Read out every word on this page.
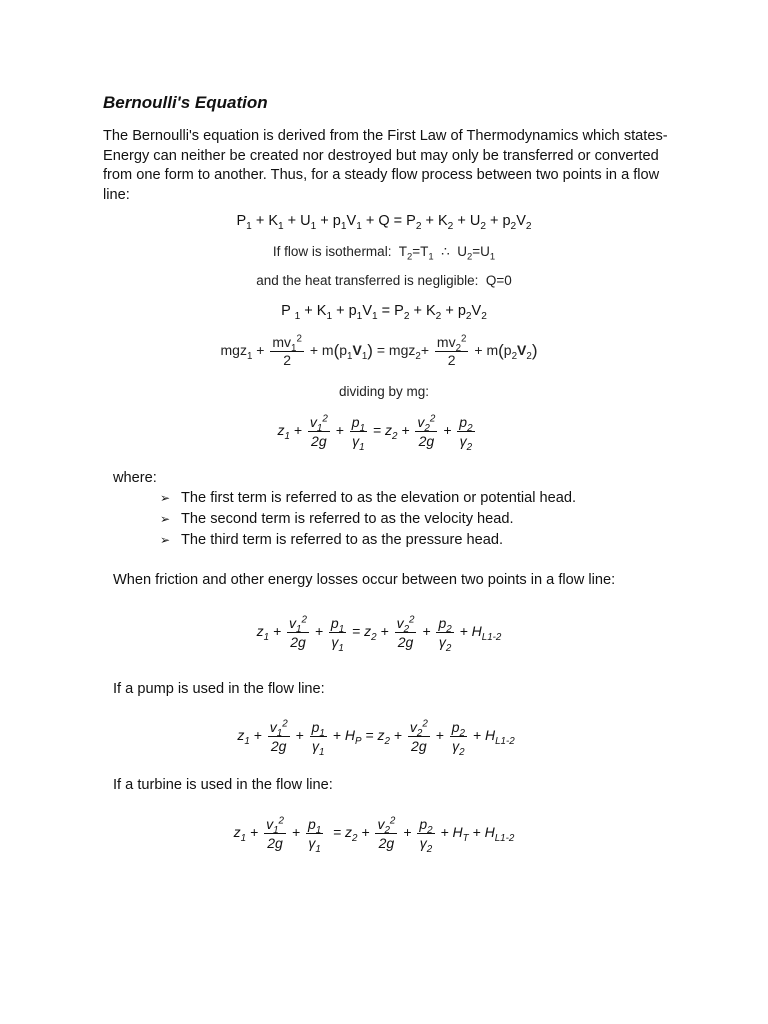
Bernoulli's Equation
The Bernoulli's equation is derived from the First Law of Thermodynamics which states- Energy can neither be created nor destroyed but may only be transferred or converted from one form to another. Thus, for a steady flow process between two points in a flow line:
$P_1 + K_1 + U_1 + p_1V_1 + Q = P_2 + K_2 + U_2 + p_2V_2$
If flow is isothermal:  $T_2=T_1$  ∴  $U_2=U_1$
and the heat transferred is negligible: Q=0
P $_1 + K_1 + p_1V_1 = P_2 + K_2 + p_2V_2$
$mgz_1 + \frac{mv_1^2}{2} + m(p_1V_1) = mgz_2+ \frac{mv_2^2}{2} + m(p_2V_2)$
dividing by mg:
$z_1 + \frac{v_1^2}{2g} + \frac{p_1}{\gamma_1} = z_2 + \frac{v_2^2}{2g} + \frac{p_2}{\gamma_2}$
where:
➢ The first term is referred to as the elevation or potential head.
➢ The second term is referred to as the velocity head.
➢ The third term is referred to as the pressure head.
When friction and other energy losses occur between two points in a flow line:
$z_1 + \frac{v_1^2}{2g} + \frac{p_1}{\gamma_1} = z_2 + \frac{v_2^2}{2g} + \frac{p_2}{\gamma_2} + H_{L1-2}$
If a pump is used in the flow line:
$z_1 + \frac{v_1^2}{2g} + \frac{p_1}{\gamma_1} + H_P = z_2 + \frac{v_2^2}{2g} + \frac{p_2}{\gamma_2} + H_{L1-2}$
If a turbine is used in the flow line:
$z_1 + \frac{v_1^2}{2g} + \frac{p_1}{\gamma_1} = z_2 + \frac{v_2^2}{2g} + \frac{p_2}{\gamma_2} + H_T + H_{L1-2}$
